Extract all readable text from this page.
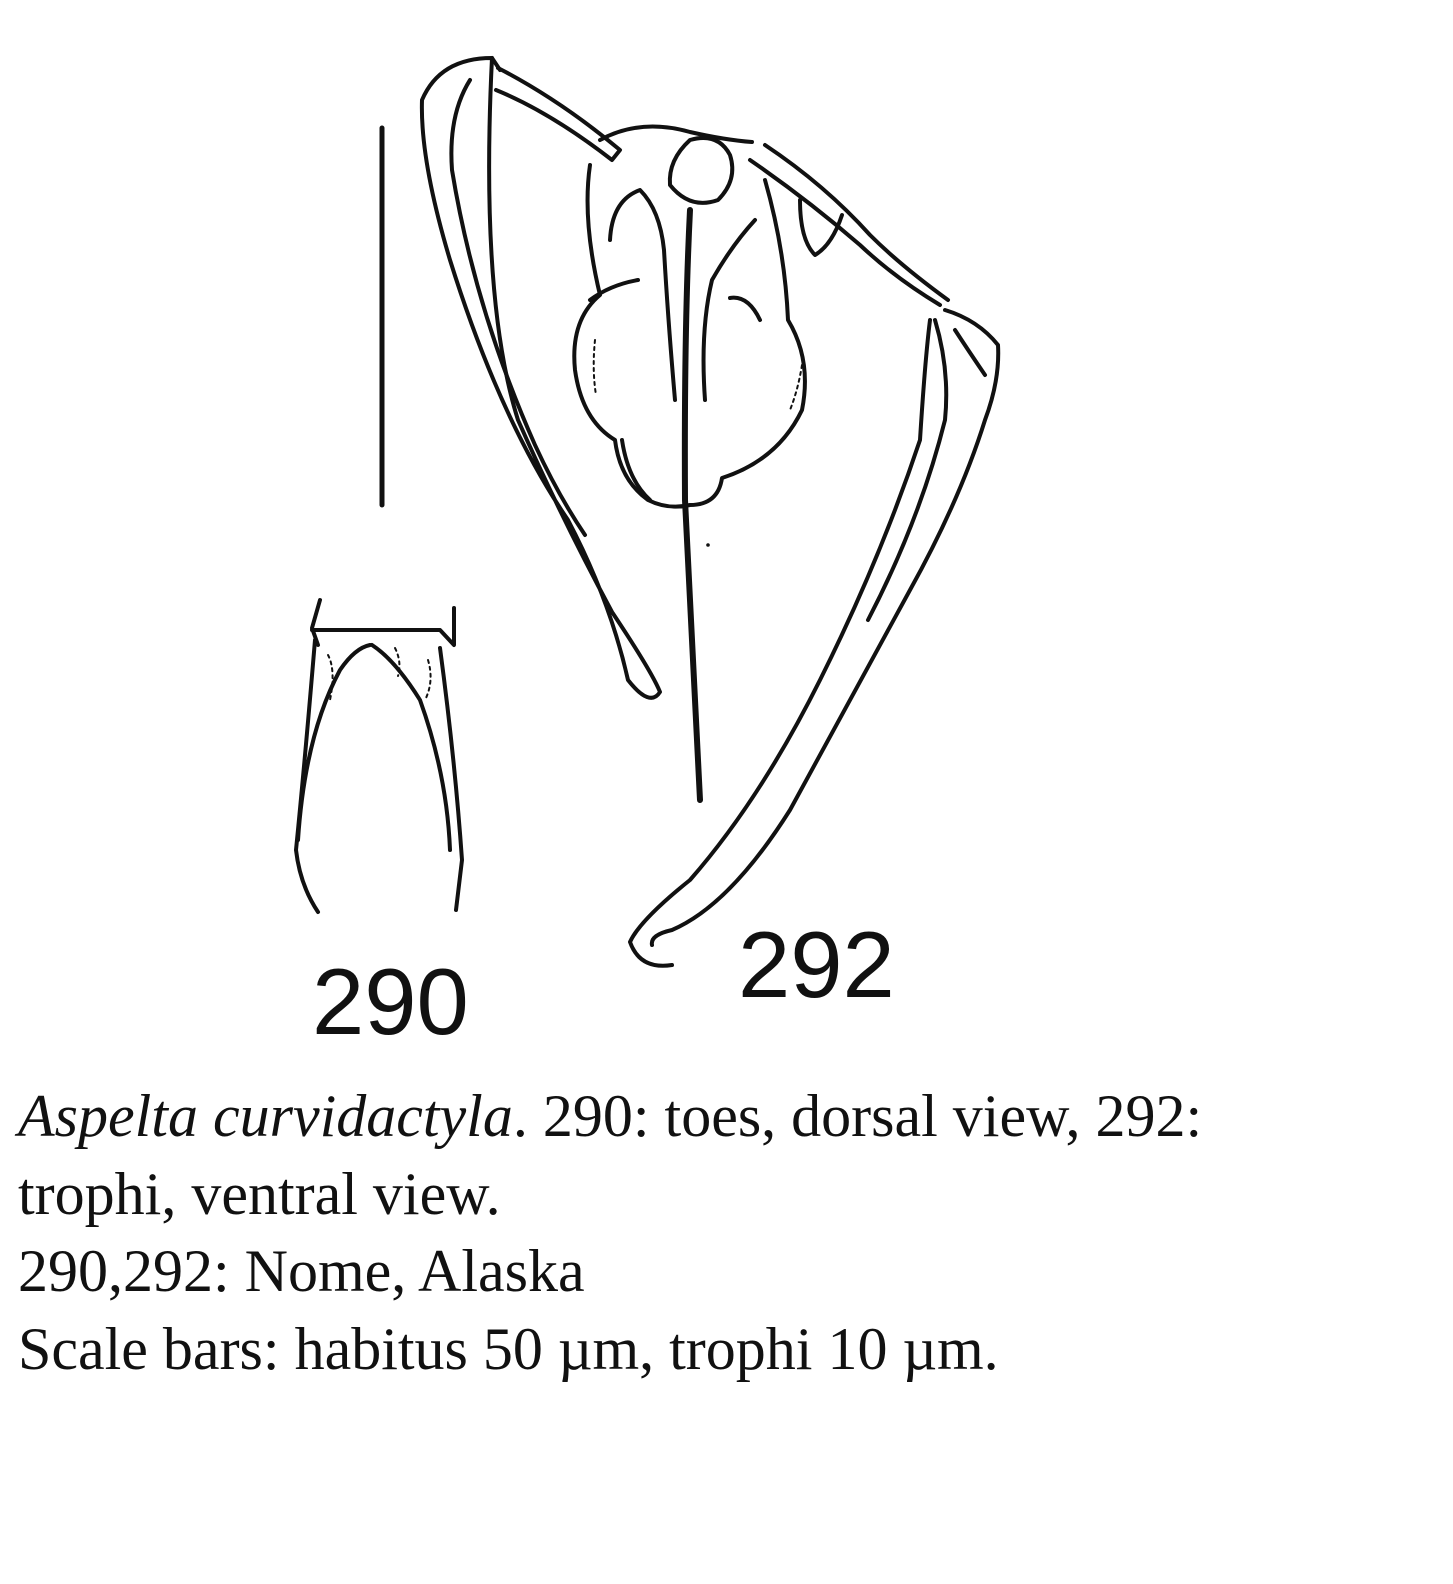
290	292
Aspelta curvidactyla. 290: toes, dorsal view, 292:
trophi, ventral view.
290,292: Nome, Alaska
Scale bars: habitus 50 µm, trophi 10 µm.
